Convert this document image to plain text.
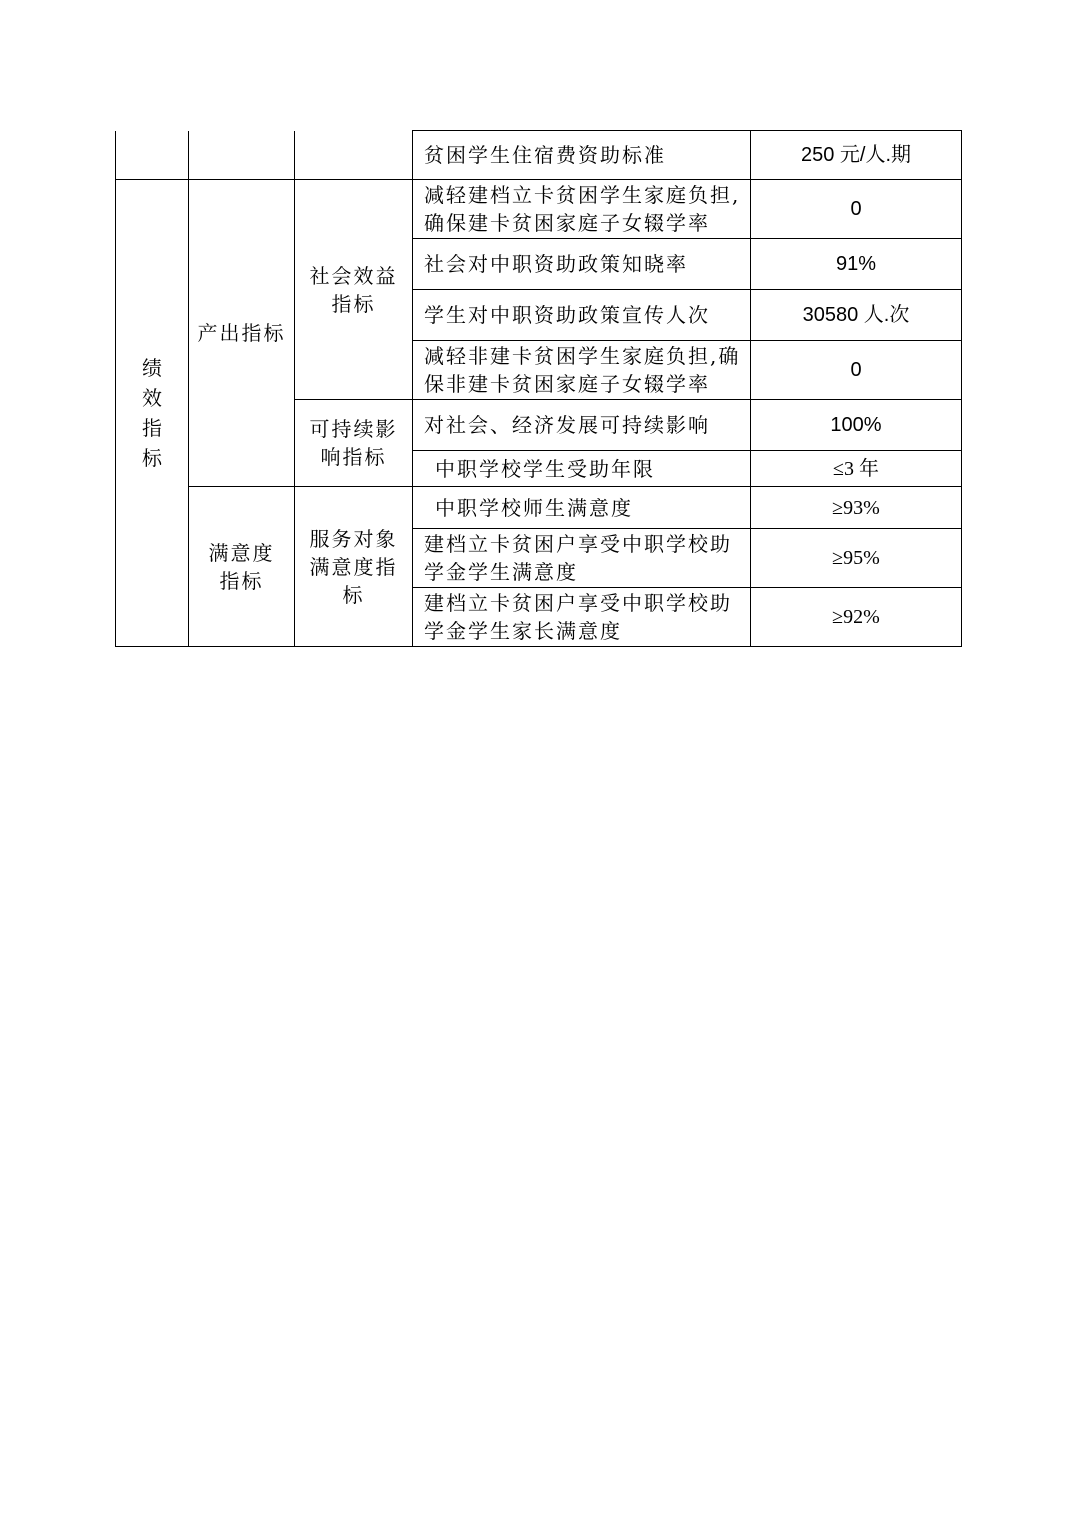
			贫困学生住宿费资助标准	250 元/人.期
绩效指标	产出指标	社会效益指标	减轻建档立卡贫困学生家庭负担,确保建卡贫困家庭子女辍学率	0
			社会对中职资助政策知晓率	91%
			学生对中职资助政策宣传人次	30580 人.次
			减轻非建卡贫困学生家庭负担,确保非建卡贫困家庭子女辍学率	0
		可持续影响指标	对社会、经济发展可持续影响	100%
			中职学校学生受助年限	≤3 年
	满意度指标	服务对象满意度指标	中职学校师生满意度	≥93%
			建档立卡贫困户享受中职学校助学金学生满意度	≥95%
			建档立卡贫困户享受中职学校助学金学生家长满意度	≥92%
